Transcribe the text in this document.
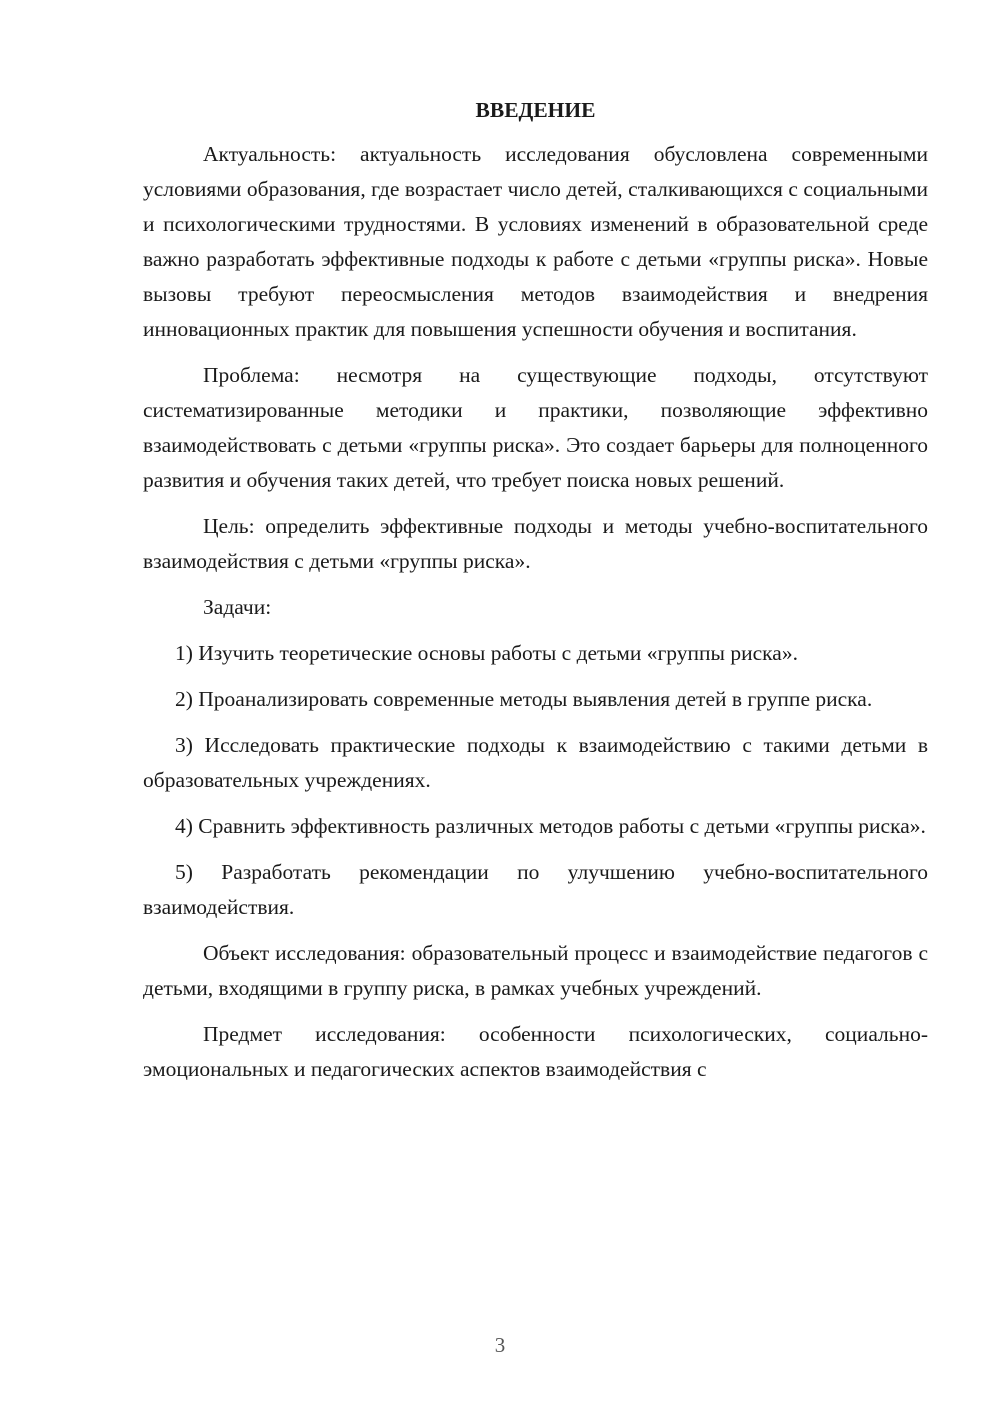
ВВЕДЕНИЕ

Актуальность: актуальность исследования обусловлена современными условиями образования, где возрастает число детей, сталкивающихся с социальными и психологическими трудностями. В условиях изменений в образовательной среде важно разработать эффективные подходы к работе с детьми «группы риска». Новые вызовы требуют переосмысления методов взаимодействия и внедрения инновационных практик для повышения успешности обучения и воспитания.

Проблема: несмотря на существующие подходы, отсутствуют систематизированные методики и практики, позволяющие эффективно взаимодействовать с детьми «группы риска». Это создает барьеры для полноценного развития и обучения таких детей, что требует поиска новых решений.

Цель: определить эффективные подходы и методы учебно-воспитательного взаимодействия с детьми «группы риска».

Задачи:

1) Изучить теоретические основы работы с детьми «группы риска».

2) Проанализировать современные методы выявления детей в группе риска.

3) Исследовать практические подходы к взаимодействию с такими детьми в образовательных учреждениях.

4) Сравнить эффективность различных методов работы с детьми «группы риска».

5) Разработать рекомендации по улучшению учебно-воспитательного взаимодействия.

Объект исследования: образовательный процесс и взаимодействие педагогов с детьми, входящими в группу риска, в рамках учебных учреждений.

Предмет исследования: особенности психологических, социально-эмоциональных и педагогических аспектов взаимодействия с

3
